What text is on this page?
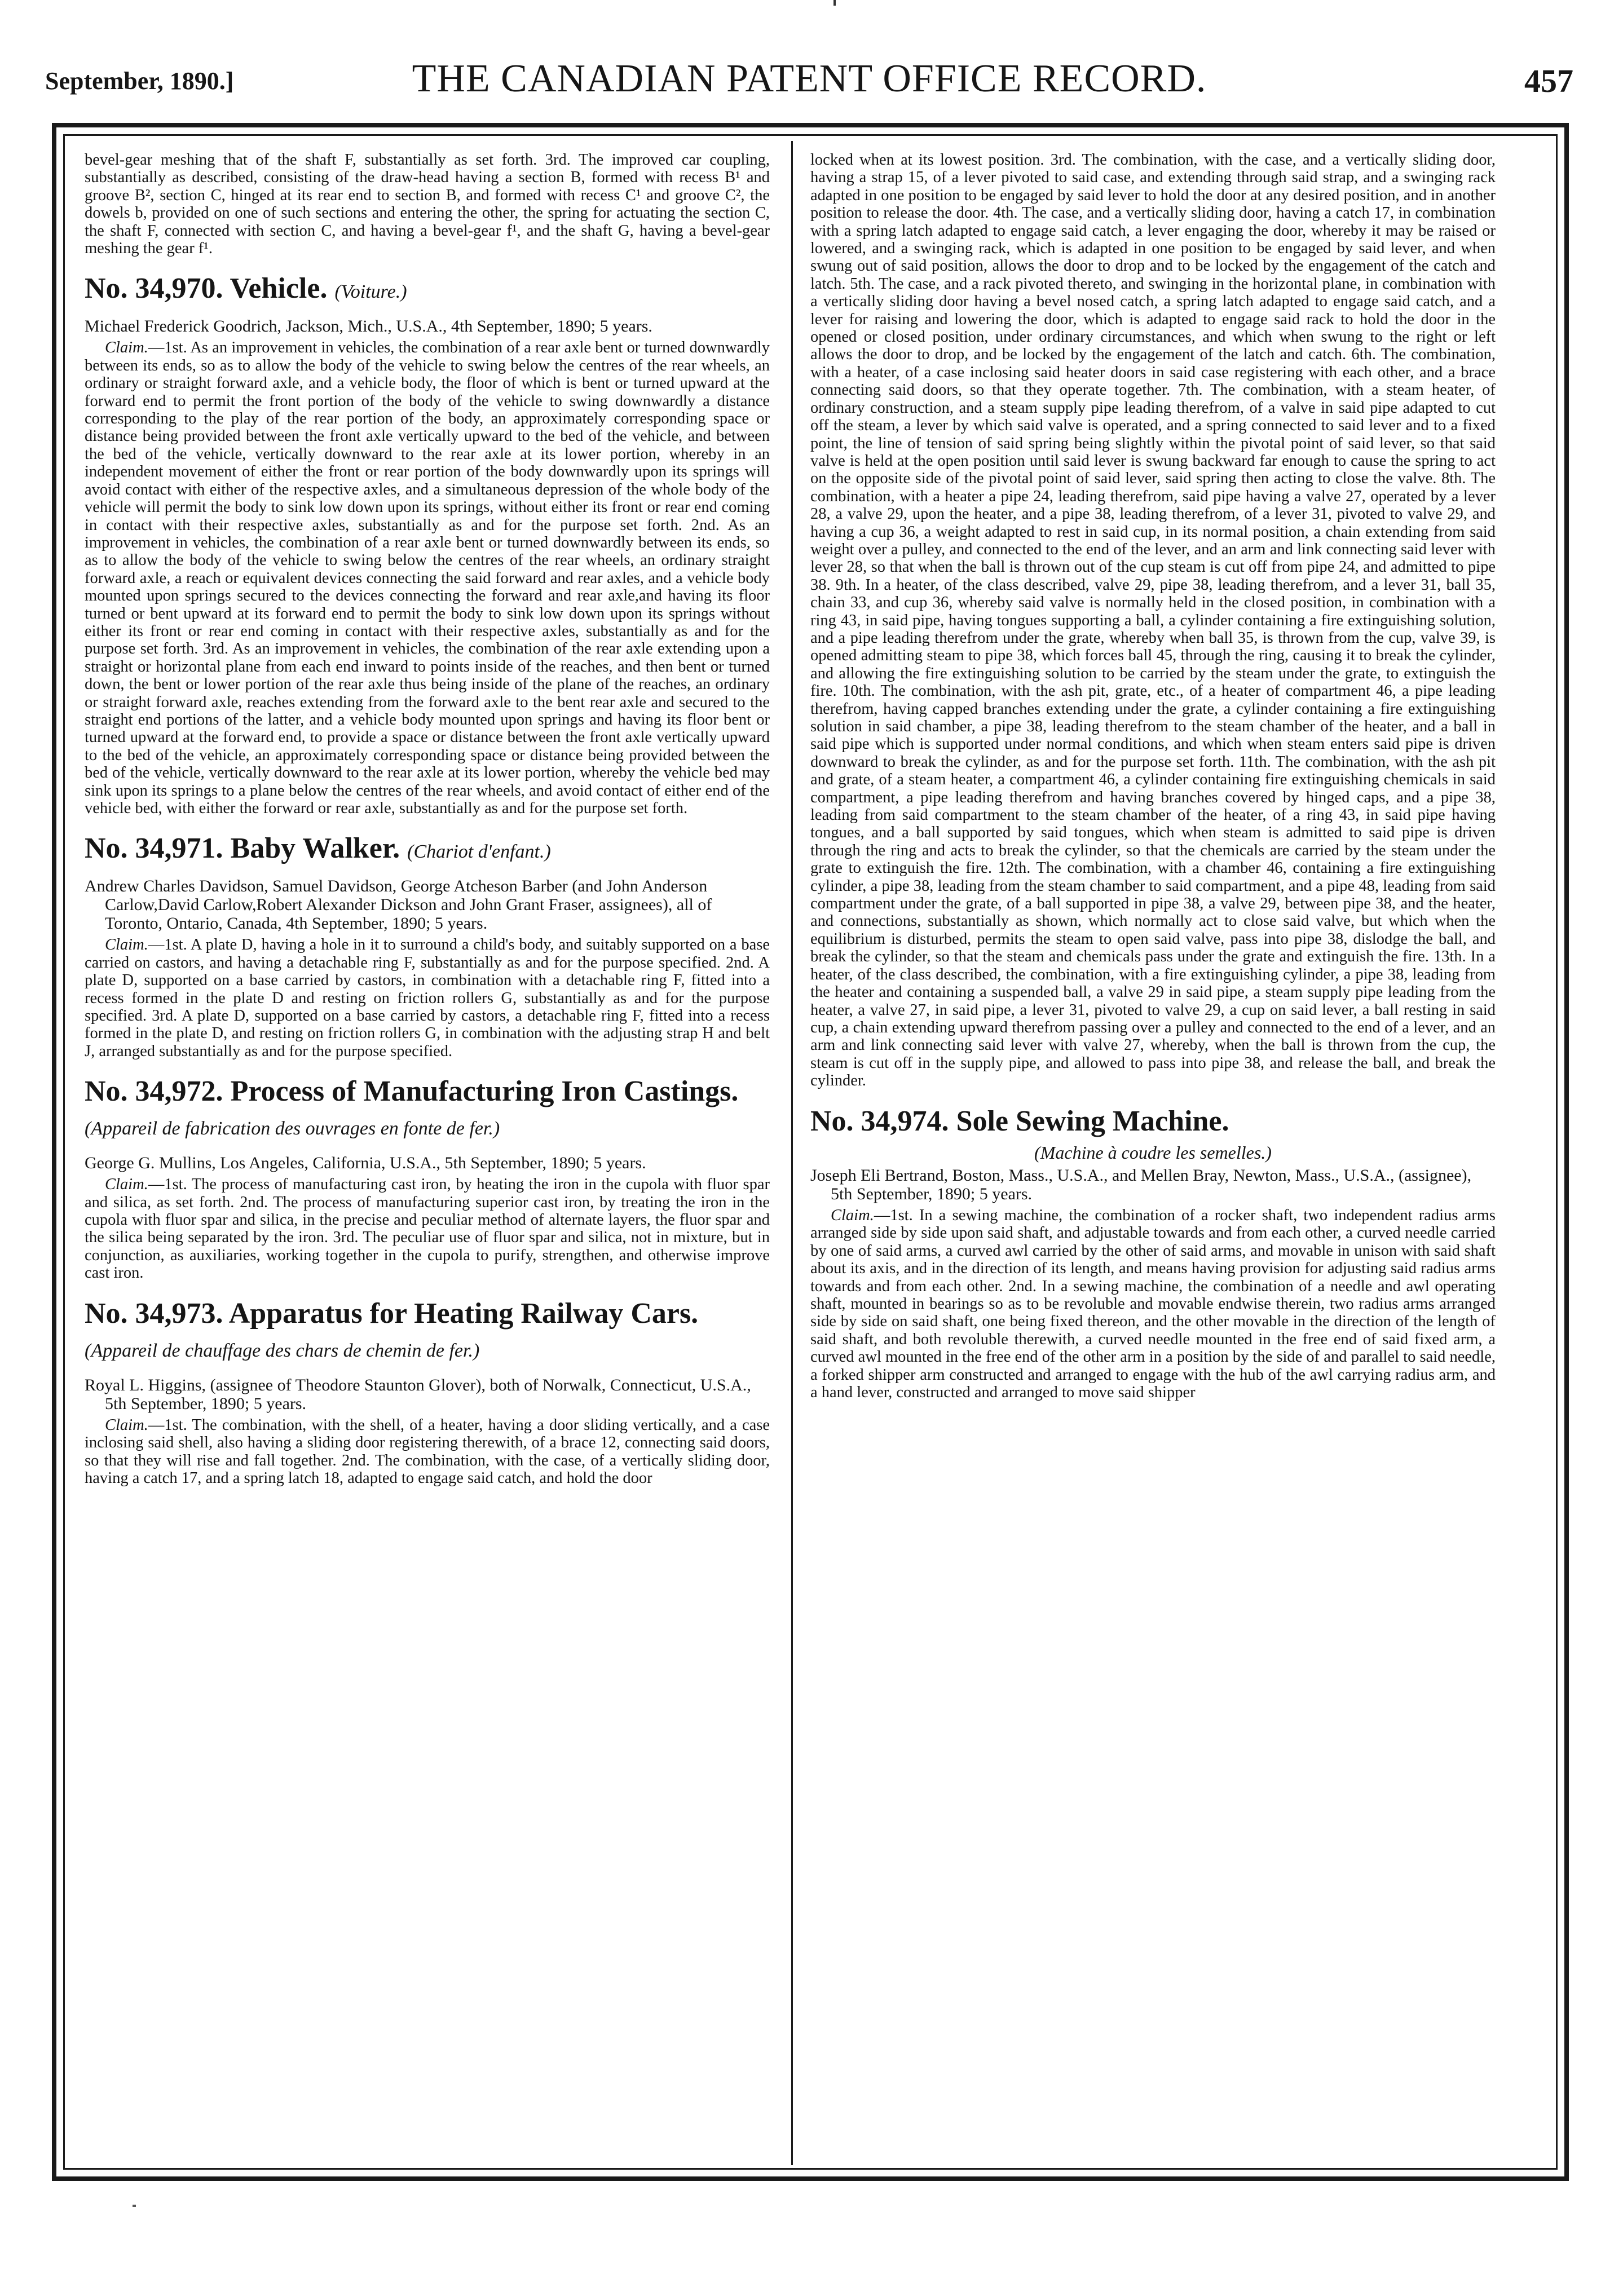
September, 1890.]	THE CANADIAN PATENT OFFICE RECORD.	457

bevel-gear meshing that of the shaft F, substantially as set forth. 3rd. The improved car coupling, substantially as described, consisting of the draw-head having a section B, formed with recess B¹ and groove B², section C, hinged at its rear end to section B, and formed with recess C¹ and groove C², the dowels b, provided on one of such sections and entering the other, the spring for actuating the section C, the shaft F, connected with section C, and having a bevel-gear f¹, and the shaft G, having a bevel-gear meshing the gear f¹.

No. 34,970. Vehicle. (Voiture.)

Michael Frederick Goodrich, Jackson, Mich., U.S.A., 4th September, 1890; 5 years.

Claim.—1st. As an improvement in vehicles, the combination of a rear axle bent or turned downwardly between its ends, so as to allow the body of the vehicle to swing below the centres of the rear wheels, an ordinary or straight forward axle, and a vehicle body, the floor of which is bent or turned upward at the forward end to permit the front portion of the body of the vehicle to swing downwardly a distance corresponding to the play of the rear portion of the body, an approximately corresponding space or distance being provided between the front axle vertically upward to the bed of the vehicle, and between the bed of the vehicle, vertically downward to the rear axle at its lower portion, whereby in an independent movement of either the front or rear portion of the body downwardly upon its springs will avoid contact with either of the respective axles, and a simultaneous depression of the whole body of the vehicle will permit the body to sink low down upon its springs, without either its front or rear end coming in contact with their respective axles, substantially as and for the purpose set forth. 2nd. As an improvement in vehicles, the combination of a rear axle bent or turned downwardly between its ends, so as to allow the body of the vehicle to swing below the centres of the rear wheels, an ordinary straight forward axle, a reach or equivalent devices connecting the said forward and rear axles, and a vehicle body mounted upon springs secured to the devices connecting the forward and rear axle,and having its floor turned or bent upward at its forward end to permit the body to sink low down upon its springs without either its front or rear end coming in contact with their respective axles, substantially as and for the purpose set forth. 3rd. As an improvement in vehicles, the combination of the rear axle extending upon a straight or horizontal plane from each end inward to points inside of the reaches, and then bent or turned down, the bent or lower portion of the rear axle thus being inside of the plane of the reaches, an ordinary or straight forward axle, reaches extending from the forward axle to the bent rear axle and secured to the straight end portions of the latter, and a vehicle body mounted upon springs and having its floor bent or turned upward at the forward end, to provide a space or distance between the front axle vertically upward to the bed of the vehicle, an approximately corresponding space or distance being provided between the bed of the vehicle, vertically downward to the rear axle at its lower portion, whereby the vehicle bed may sink upon its springs to a plane below the centres of the rear wheels, and avoid contact of either end of the vehicle bed, with either the forward or rear axle, substantially as and for the purpose set forth.

No. 34,971. Baby Walker. (Chariot d'enfant.)

Andrew Charles Davidson, Samuel Davidson, George Atcheson Barber (and John Anderson Carlow,David Carlow,Robert Alexander Dickson and John Grant Fraser, assignees), all of Toronto, Ontario, Canada, 4th September, 1890; 5 years.

Claim.—1st. A plate D, having a hole in it to surround a child's body, and suitably supported on a base carried on castors, and having a detachable ring F, substantially as and for the purpose specified. 2nd. A plate D, supported on a base carried by castors, in combination with a detachable ring F, fitted into a recess formed in the plate D and resting on friction rollers G, substantially as and for the purpose specified. 3rd. A plate D, supported on a base carried by castors, a detachable ring F, fitted into a recess formed in the plate D, and resting on friction rollers G, in combination with the adjusting strap H and belt J, arranged substantially as and for the purpose specified.

No. 34,972. Process of Manufacturing Iron Castings. (Appareil de fabrication des ouvrages en fonte de fer.)

George G. Mullins, Los Angeles, California, U.S.A., 5th September, 1890; 5 years.

Claim.—1st. The process of manufacturing cast iron, by heating the iron in the cupola with fluor spar and silica, as set forth. 2nd. The process of manufacturing superior cast iron, by treating the iron in the cupola with fluor spar and silica, in the precise and peculiar method of alternate layers, the fluor spar and the silica being separated by the iron. 3rd. The peculiar use of fluor spar and silica, not in mixture, but in conjunction, as auxiliaries, working together in the cupola to purify, strengthen, and otherwise improve cast iron.

No. 34,973. Apparatus for Heating Railway Cars. (Appareil de chauffage des chars de chemin de fer.)

Royal L. Higgins, (assignee of Theodore Staunton Glover), both of Norwalk, Connecticut, U.S.A., 5th September, 1890; 5 years.

Claim.—1st. The combination, with the shell, of a heater, having a door sliding vertically, and a case inclosing said shell, also having a sliding door registering therewith, of a brace 12, connecting said doors, so that they will rise and fall together. 2nd. The combination, with the case, of a vertically sliding door, having a catch 17, and a spring latch 18, adapted to engage said catch, and hold the door

locked when at its lowest position. 3rd. The combination, with the case, and a vertically sliding door, having a strap 15, of a lever pivoted to said case, and extending through said strap, and a swinging rack adapted in one position to be engaged by said lever to hold the door at any desired position, and in another position to release the door. 4th. The case, and a vertically sliding door, having a catch 17, in combination with a spring latch adapted to engage said catch, a lever engaging the door, whereby it may be raised or lowered, and a swinging rack, which is adapted in one position to be engaged by said lever, and when swung out of said position, allows the door to drop and to be locked by the engagement of the catch and latch. 5th. The case, and a rack pivoted thereto, and swinging in the horizontal plane, in combination with a vertically sliding door having a bevel nosed catch, a spring latch adapted to engage said catch, and a lever for raising and lowering the door, which is adapted to engage said rack to hold the door in the opened or closed position, under ordinary circumstances, and which when swung to the right or left allows the door to drop, and be locked by the engagement of the latch and catch. 6th. The combination, with a heater, of a case inclosing said heater doors in said case registering with each other, and a brace connecting said doors, so that they operate together. 7th. The combination, with a steam heater, of ordinary construction, and a steam supply pipe leading therefrom, of a valve in said pipe adapted to cut off the steam, a lever by which said valve is operated, and a spring connected to said lever and to a fixed point, the line of tension of said spring being slightly within the pivotal point of said lever, so that said valve is held at the open position until said lever is swung backward far enough to cause the spring to act on the opposite side of the pivotal point of said lever, said spring then acting to close the valve. 8th. The combination, with a heater a pipe 24, leading therefrom, said pipe having a valve 27, operated by a lever 28, a valve 29, upon the heater, and a pipe 38, leading therefrom, of a lever 31, pivoted to valve 29, and having a cup 36, a weight adapted to rest in said cup, in its normal position, a chain extending from said weight over a pulley, and connected to the end of the lever, and an arm and link connecting said lever with lever 28, so that when the ball is thrown out of the cup steam is cut off from pipe 24, and admitted to pipe 38. 9th. In a heater, of the class described, valve 29, pipe 38, leading therefrom, and a lever 31, ball 35, chain 33, and cup 36, whereby said valve is normally held in the closed position, in combination with a ring 43, in said pipe, having tongues supporting a ball, a cylinder containing a fire extinguishing solution, and a pipe leading therefrom under the grate, whereby when ball 35, is thrown from the cup, valve 39, is opened admitting steam to pipe 38, which forces ball 45, through the ring, causing it to break the cylinder, and allowing the fire extinguishing solution to be carried by the steam under the grate, to extinguish the fire. 10th. The combination, with the ash pit, grate, etc., of a heater of compartment 46, a pipe leading therefrom, having capped branches extending under the grate, a cylinder containing a fire extinguishing solution in said chamber, a pipe 38, leading therefrom to the steam chamber of the heater, and a ball in said pipe which is supported under normal conditions, and which when steam enters said pipe is driven downward to break the cylinder, as and for the purpose set forth. 11th. The combination, with the ash pit and grate, of a steam heater, a compartment 46, a cylinder containing fire extinguishing chemicals in said compartment, a pipe leading therefrom and having branches covered by hinged caps, and a pipe 38, leading from said compartment to the steam chamber of the heater, of a ring 43, in said pipe having tongues, and a ball supported by said tongues, which when steam is admitted to said pipe is driven through the ring and acts to break the cylinder, so that the chemicals are carried by the steam under the grate to extinguish the fire. 12th. The combination, with a chamber 46, containing a fire extinguishing cylinder, a pipe 38, leading from the steam chamber to said compartment, and a pipe 48, leading from said compartment under the grate, of a ball supported in pipe 38, a valve 29, between pipe 38, and the heater, and connections, substantially as shown, which normally act to close said valve, but which when the equilibrium is disturbed, permits the steam to open said valve, pass into pipe 38, dislodge the ball, and break the cylinder, so that the steam and chemicals pass under the grate and extinguish the fire. 13th. In a heater, of the class described, the combination, with a fire extinguishing cylinder, a pipe 38, leading from the heater and containing a suspended ball, a valve 29 in said pipe, a steam supply pipe leading from the heater, a valve 27, in said pipe, a lever 31, pivoted to valve 29, a cup on said lever, a ball resting in said cup, a chain extending upward therefrom passing over a pulley and connected to the end of a lever, and an arm and link connecting said lever with valve 27, whereby, when the ball is thrown from the cup, the steam is cut off in the supply pipe, and allowed to pass into pipe 38, and release the ball, and break the cylinder.

No. 34,974. Sole Sewing Machine.
(Machine à coudre les semelles.)

Joseph Eli Bertrand, Boston, Mass., U.S.A., and Mellen Bray, Newton, Mass., U.S.A., (assignee), 5th September, 1890; 5 years.

Claim.—1st. In a sewing machine, the combination of a rocker shaft, two independent radius arms arranged side by side upon said shaft, and adjustable towards and from each other, a curved needle carried by one of said arms, a curved awl carried by the other of said arms, and movable in unison with said shaft about its axis, and in the direction of its length, and means having provision for adjusting said radius arms towards and from each other. 2nd. In a sewing machine, the combination of a needle and awl operating shaft, mounted in bearings so as to be revoluble and movable endwise therein, two radius arms arranged side by side on said shaft, one being fixed thereon, and the other movable in the direction of the length of said shaft, and both revoluble therewith, a curved needle mounted in the free end of said fixed arm, a curved awl mounted in the free end of the other arm in a position by the side of and parallel to said needle, a forked shipper arm constructed and arranged to engage with the hub of the awl carrying radius arm, and a hand lever, constructed and arranged to move said shipper
